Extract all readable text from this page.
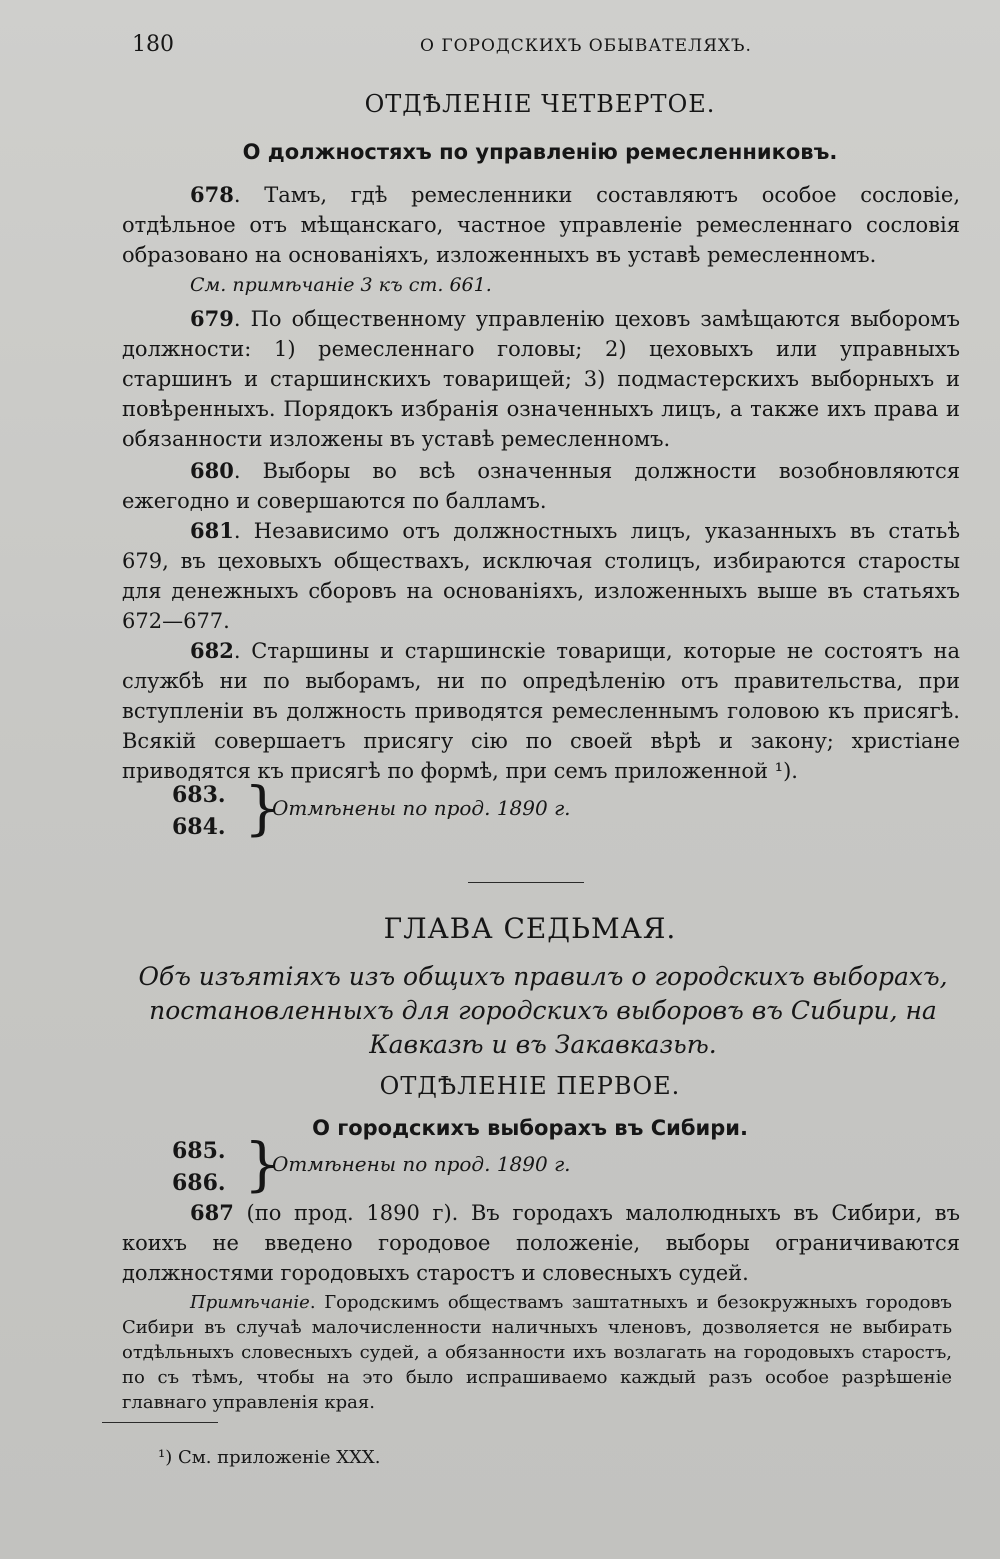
180	О ГОРОДСКИХЪ ОБЫВАТЕЛЯХЪ.
ОТДѢЛЕНІЕ ЧЕТВЕРТОЕ.
О должностяхъ по управленію ремесленниковъ.
678. Тамъ, гдѣ ремесленники составляютъ особое сословіе, отдѣльное отъ мѣщанскаго, частное управленіе ремесленнаго сословія образовано на основаніяхъ, изложенныхъ въ уставѣ ремесленномъ.
См. примѣчаніе 3 къ ст. 661.
679. По общественному управленію цеховъ замѣщаются выборомъ должности: 1) ремесленнаго головы; 2) цеховыхъ или управныхъ старшинъ и старшинскихъ товарищей; 3) подмастерскихъ выборныхъ и повѣренныхъ. Порядокъ избранія означенныхъ лицъ, а также ихъ права и обязанности изложены въ уставѣ ремесленномъ.
680. Выборы во всѣ означенныя должности возобновляются ежегодно и совершаются по балламъ.
681. Независимо отъ должностныхъ лицъ, указанныхъ въ статьѣ 679, въ цеховыхъ обществахъ, исключая столицъ, избираются старосты для денежныхъ сборовъ на основаніяхъ, изложенныхъ выше въ статьяхъ 672—677.
682. Старшины и старшинскіе товарищи, которые не состоятъ на службѣ ни по выборамъ, ни по опредѣленію отъ правительства, при вступленіи въ должность приводятся ремесленнымъ головою къ присягѣ. Всякій совершаетъ присягу сію по своей вѣрѣ и закону; христіане приводятся къ присягѣ по формѣ, при семъ приложенной ¹).
683.
684. }
Отмѣнены по прод. 1890 г.
ГЛАВА СЕДЬМАЯ.
Объ изъятіяхъ изъ общихъ правилъ о городскихъ выборахъ, постановленныхъ для городскихъ выборовъ въ Сибири, на Кавказѣ и въ Закавказьѣ.
ОТДѢЛЕНІЕ ПЕРВОЕ.
О городскихъ выборахъ въ Сибири.
685.
686. }
Отмѣнены по прод. 1890 г.
687 (по прод. 1890 г). Въ городахъ малолюдныхъ въ Сибири, въ коихъ не введено городовое положеніе, выборы ограничиваются должностями городовыхъ старостъ и словесныхъ судей.
Примѣчаніе. Городскимъ обществамъ заштатныхъ и безокружныхъ городовъ Сибири въ случаѣ малочисленности наличныхъ членовъ, дозволяется не выбирать отдѣльныхъ словесныхъ судей, а обязанности ихъ возлагать на городовыхъ старостъ, по съ тѣмъ, чтобы на это было испрашиваемо каждый разъ особое разрѣшеніе главнаго управленія края.
¹) См. приложеніе XXX.
